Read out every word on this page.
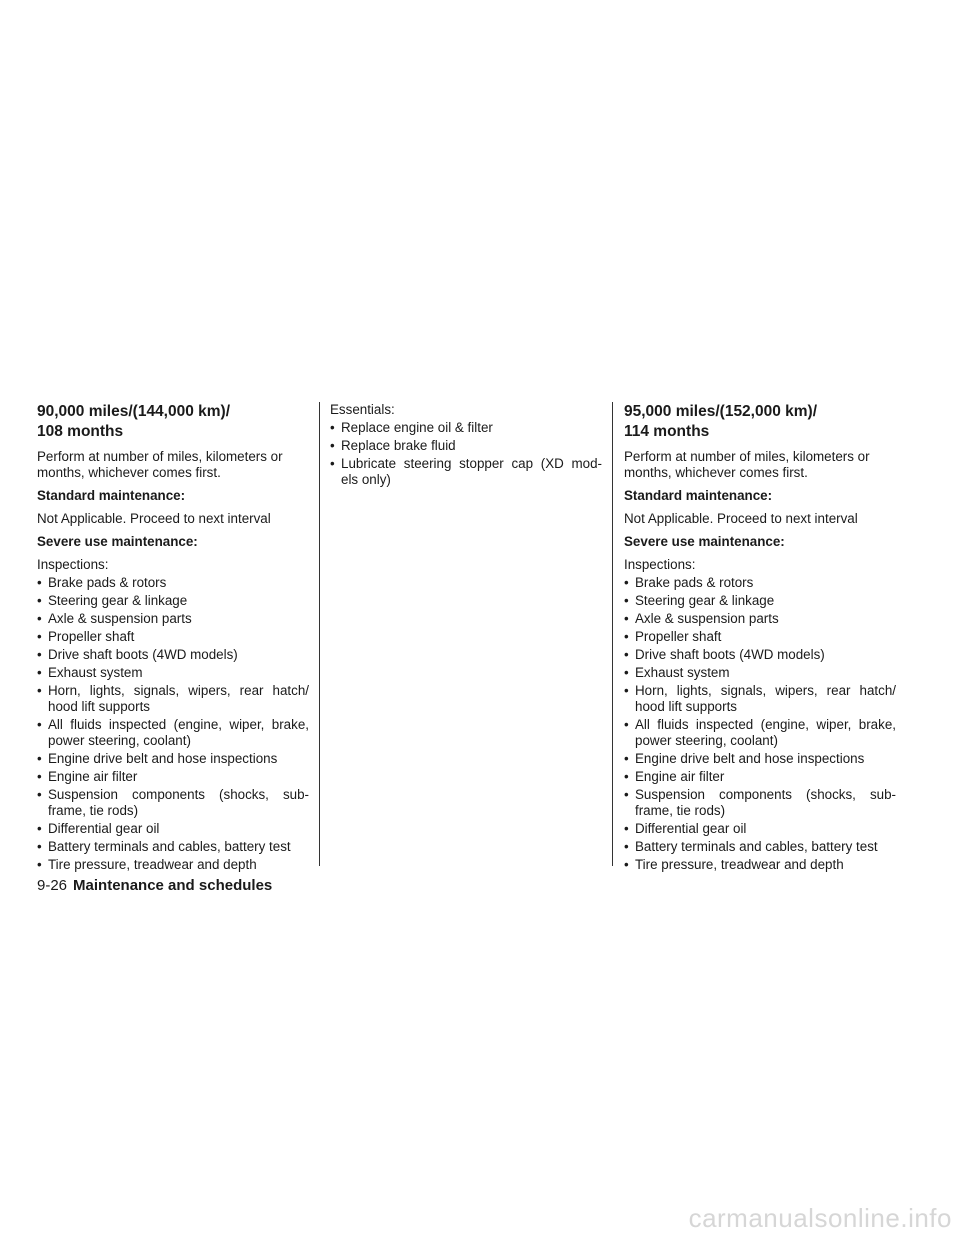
90,000 miles/(144,000 km)/
108 months

Perform at number of miles, kilometers or months, whichever comes first.

Standard maintenance:

Not Applicable. Proceed to next interval

Severe use maintenance:

Inspections:

• Brake pads & rotors
• Steering gear & linkage
• Axle & suspension parts
• Propeller shaft
• Drive shaft boots (4WD models)
• Exhaust system
• Horn, lights, signals, wipers, rear hatch/ hood lift supports
• All fluids inspected (engine, wiper, brake, power steering, coolant)
• Engine drive belt and hose inspections
• Engine air filter
• Suspension components (shocks, sub- frame, tie rods)
• Differential gear oil
• Battery terminals and cables, battery test
• Tire pressure, treadwear and depth

Essentials:

• Replace engine oil & filter
• Replace brake fluid
• Lubricate steering stopper cap (XD mod- els only)
95,000 miles/(152,000 km)/
114 months

Perform at number of miles, kilometers or months, whichever comes first.

Standard maintenance:

Not Applicable. Proceed to next interval

Severe use maintenance:

Inspections:

• Brake pads & rotors
• Steering gear & linkage
• Axle & suspension parts
• Propeller shaft
• Drive shaft boots (4WD models)
• Exhaust system
• Horn, lights, signals, wipers, rear hatch/ hood lift supports
• All fluids inspected (engine, wiper, brake, power steering, coolant)
• Engine drive belt and hose inspections
• Engine air filter
• Suspension components (shocks, sub- frame, tie rods)
• Differential gear oil
• Battery terminals and cables, battery test
• Tire pressure, treadwear and depth
9-26 Maintenance and schedules
carmanualsonline.info
